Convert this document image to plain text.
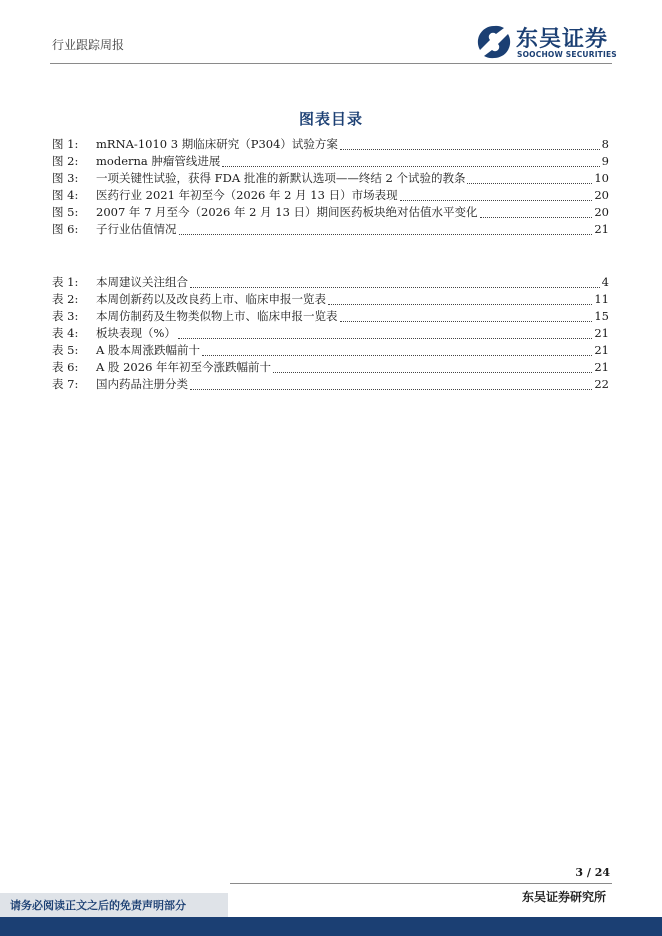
行业跟踪周报	东吴证券
SOOCHOW SECURITIES
图表目录
图 1:	mRNA-1010 3 期临床研究（P304）试验方案	8
图 2:	moderna 肿瘤管线进展	9
图 3:	一项关键性试验，获得 FDA 批准的新默认选项——终结 2 个试验的教条	10
图 4:	医药行业 2021 年初至今（2026 年 2 月 13 日）市场表现	20
图 5:	2007 年 7 月至今（2026 年 2 月 13 日）期间医药板块绝对估值水平变化	20
图 6:	子行业估值情况	21
表 1:	本周建议关注组合	4
表 2:	本周创新药以及改良药上市、临床申报一览表	11
表 3:	本周仿制药及生物类似物上市、临床申报一览表	15
表 4:	板块表现（%）	21
表 5:	A 股本周涨跌幅前十	21
表 6:	A 股 2026 年年初至今涨跌幅前十	21
表 7:	国内药品注册分类	22
3 / 24
请务必阅读正文之后的免责声明部分
东吴证券研究所
